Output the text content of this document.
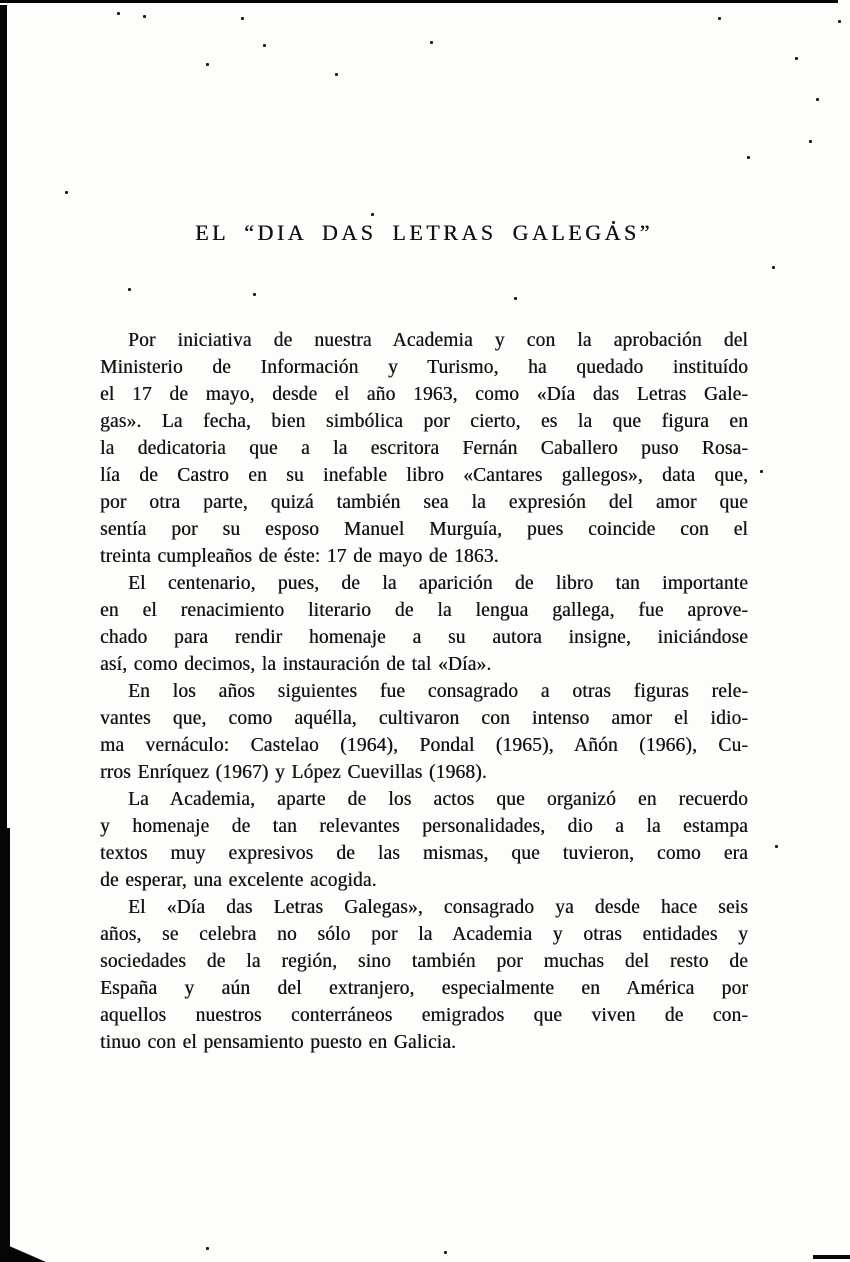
EL “DIA DAS LETRAS GALEGAS”
Por iniciativa de nuestra Academia y con la aprobación del
Ministerio de Información y Turismo, ha quedado instituído
el 17 de mayo, desde el año 1963, como «Día das Letras Gale-
gas». La fecha, bien simbólica por cierto, es la que figura en
la dedicatoria que a la escritora Fernán Caballero puso Rosa-
lía de Castro en su inefable libro «Cantares gallegos», data que,
por otra parte, quizá también sea la expresión del amor que
sentía por su esposo Manuel Murguía, pues coincide con el
treinta cumpleaños de éste: 17 de mayo de 1863.
El centenario, pues, de la aparición de libro tan importante
en el renacimiento literario de la lengua gallega, fue aprove-
chado para rendir homenaje a su autora insigne, iniciándose
así, como decimos, la instauración de tal «Día».
En los años siguientes fue consagrado a otras figuras rele-
vantes que, como aquélla, cultivaron con intenso amor el idio-
ma vernáculo: Castelao (1964), Pondal (1965), Añón (1966), Cu-
rros Enríquez (1967) y López Cuevillas (1968).
La Academia, aparte de los actos que organizó en recuerdo
y homenaje de tan relevantes personalidades, dio a la estampa
textos muy expresivos de las mismas, que tuvieron, como era
de esperar, una excelente acogida.
El «Día das Letras Galegas», consagrado ya desde hace seis
años, se celebra no sólo por la Academia y otras entidades y
sociedades de la región, sino también por muchas del resto de
España y aún del extranjero, especialmente en América por
aquellos nuestros conterráneos emigrados que viven de con-
tinuo con el pensamiento puesto en Galicia.
